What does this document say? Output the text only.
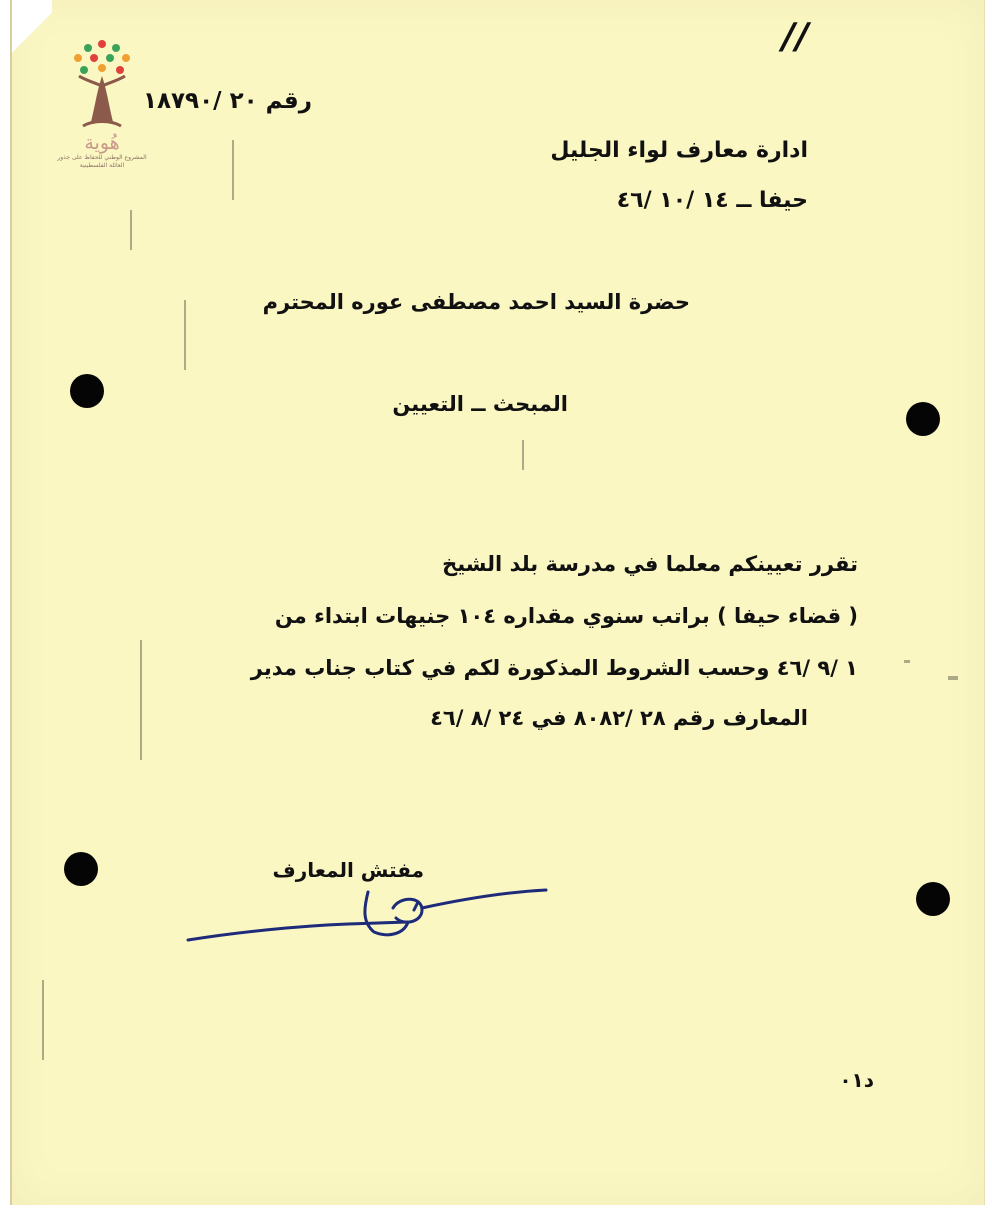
هُوية
المشروع الوطني للحفاظ على جذور العائلة الفلسطينية
//
رقم ٢٠ /١٨٧٩٠
ادارة معارف لواء الجليل
حيفا ــ ١٤ /١٠ /٤٦
حضرة السيد احمد مصطفى عوره المحترم
المبحث ــ التعيين
تقرر تعيينكم معلما في مدرسة بلد الشيخ
( قضاء حيفا ) براتب سنوي مقداره ١٠٤ جنيهات ابتداء من
١ /٩ /٤٦ وحسب الشروط المذكورة لكم في كتاب جناب مدير
المعارف رقم ٢٨ /٨٠٨٢ في ٢٤ /٨ /٤٦
مفتش المعارف
د٠١
